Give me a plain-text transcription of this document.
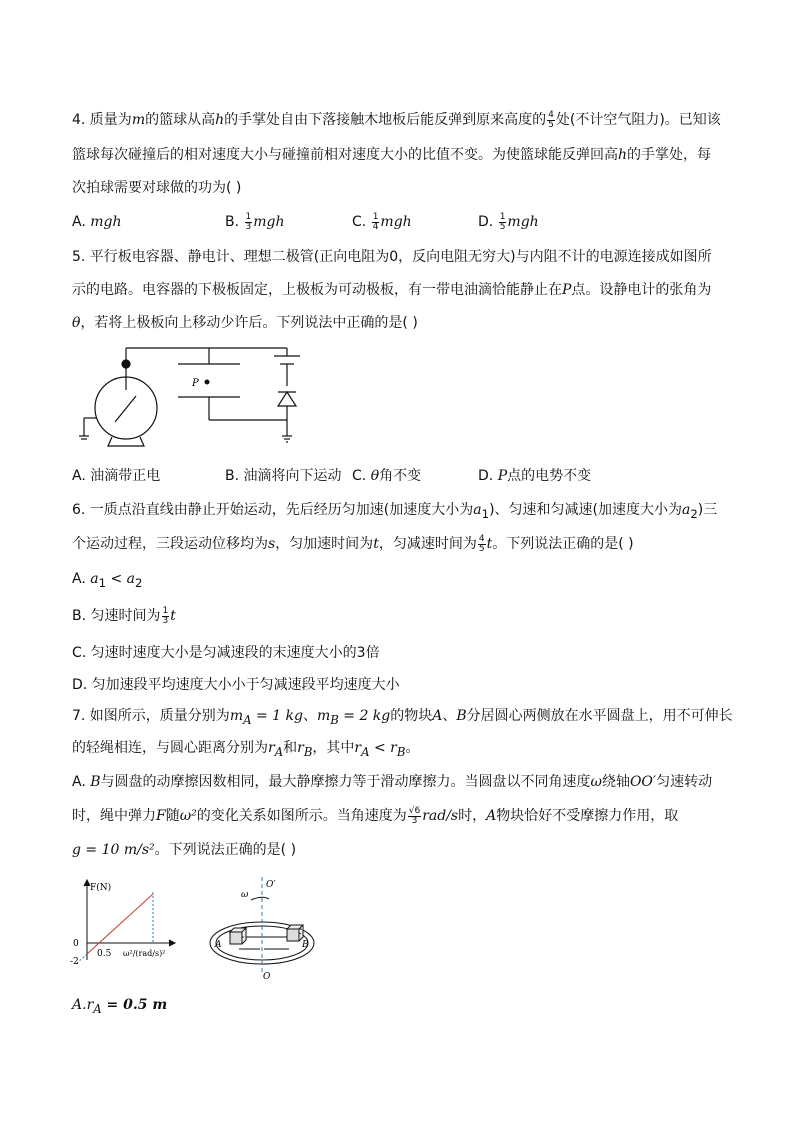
4. 质量为m的篮球从高h的手掌处自由下落接触木地板后能反弹到原来高度的 $\frac{4}{5}$ 处(不计空气阻力)。已知该
篮球每次碰撞后的相对速度大小与碰撞前相对速度大小的比值不变。为使篮球能反弹回高h的手掌处，每
次拍球需要对球做的功为( )
A. mgh	B. $\frac{1}{3}$ mgh	C. $\frac{1}{4}$ mgh	D. $\frac{1}{5}$ mgh
5. 平行板电容器、静电计、理想二极管(正向电阻为0，反向电阻无穷大)与内阻不计的电源连接成如图所
示的电路。电容器的下极板固定，上极板为可动极板，有一带电油滴恰能静止在P点。设静电计的张角为
θ，若将上极板向上移动少许后。下列说法中正确的是( )
P
A. 油滴带正电	B. 油滴将向下运动 C. θ角不变	D. P点的电势不变
6. 一质点沿直线由静止开始运动，先后经历匀加速(加速度大小为$a_1$)、匀速和匀减速(加速度大小为$a_2$)三
个运动过程，三段运动位移均为s，匀加速时间为t，匀减速时间为 $\frac{4}{5}$ t。下列说法正确的是( )
A. $a_1 < a_2$
B. 匀速时间为 $\frac{1}{3}$ t
C. 匀速时速度大小是匀减速段的末速度大小的3倍
D. 匀加速段平均速度大小小于匀减速段平均速度大小
7. 如图所示，质量分别为$m_A = 1$ kg、$m_B = 2$ kg的物块A、B分居圆心两侧放在水平圆盘上，用不可伸长
的轻绳相连，与圆心距离分别为$r_A$和$r_B$，其中$r_A < r_B$。
A. B与圆盘的动摩擦因数相同，最大静摩擦力等于滑动摩擦力。当圆盘以不同角速度ω绕轴OO′匀速转动
时，绳中弹力F随ω²的变化关系如图所示。当角速度为 $\frac{√6}{3} rad/s$时，A物块恰好不受摩擦力作用，取
g = 10 m/s²。下列说法正确的是( )
F(N)
0
-2
0.5 ω²/(rad/s)²
ω
O′
A	B
O
$A.r_A = 0.5$ m
